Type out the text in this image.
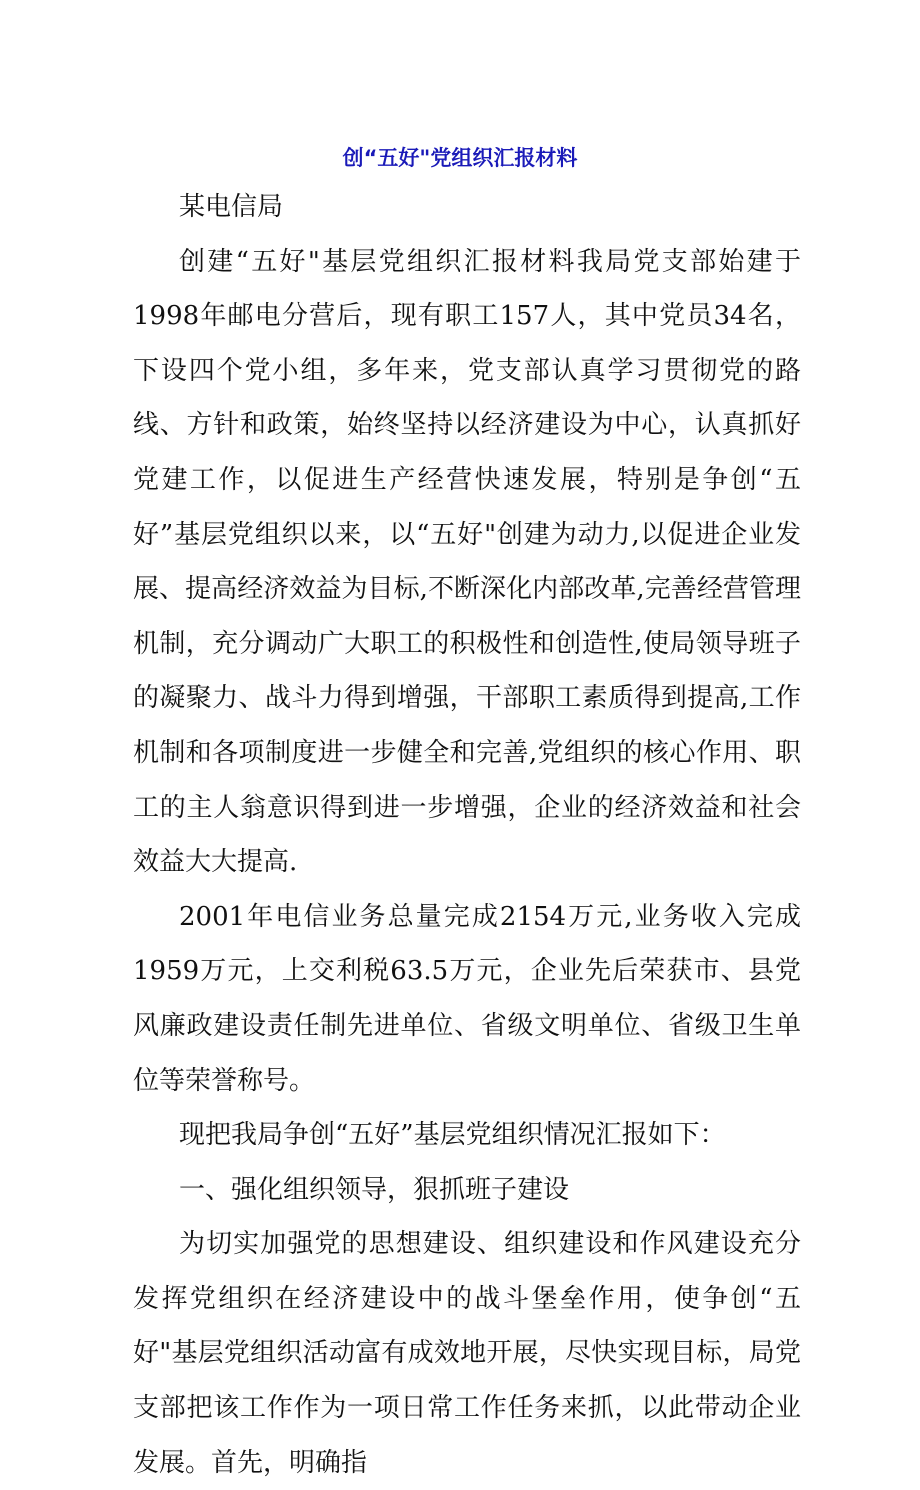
创“五好"党组织汇报材料

某电信局

创建“五好"基层党组织汇报材料我局党支部始建于1998年邮电分营后，现有职工157人，其中党员34名，下设四个党小组，多年来，党支部认真学习贯彻党的路线、方针和政策，始终坚持以经济建设为中心，认真抓好党建工作，以促进生产经营快速发展，特别是争创“五好”基层党组织以来，以“五好"创建为动力,以促进企业发展、提高经济效益为目标,不断深化内部改革,完善经营管理机制，充分调动广大职工的积极性和创造性,使局领导班子的凝聚力、战斗力得到增强，干部职工素质得到提高,工作机制和各项制度进一步健全和完善,党组织的核心作用、职工的主人翁意识得到进一步增强，企业的经济效益和社会效益大大提高.

2001年电信业务总量完成2154万元,业务收入完成1959万元，上交利税63.5万元，企业先后荣获市、县党风廉政建设责任制先进单位、省级文明单位、省级卫生单位等荣誉称号。

现把我局争创“五好”基层党组织情况汇报如下：

一、强化组织领导，狠抓班子建设

为切实加强党的思想建设、组织建设和作风建设充分发挥党组织在经济建设中的战斗堡垒作用，使争创“五好"基层党组织活动富有成效地开展，尽快实现目标，局党支部把该工作作为一项日常工作任务来抓，以此带动企业发展。首先，明确指
